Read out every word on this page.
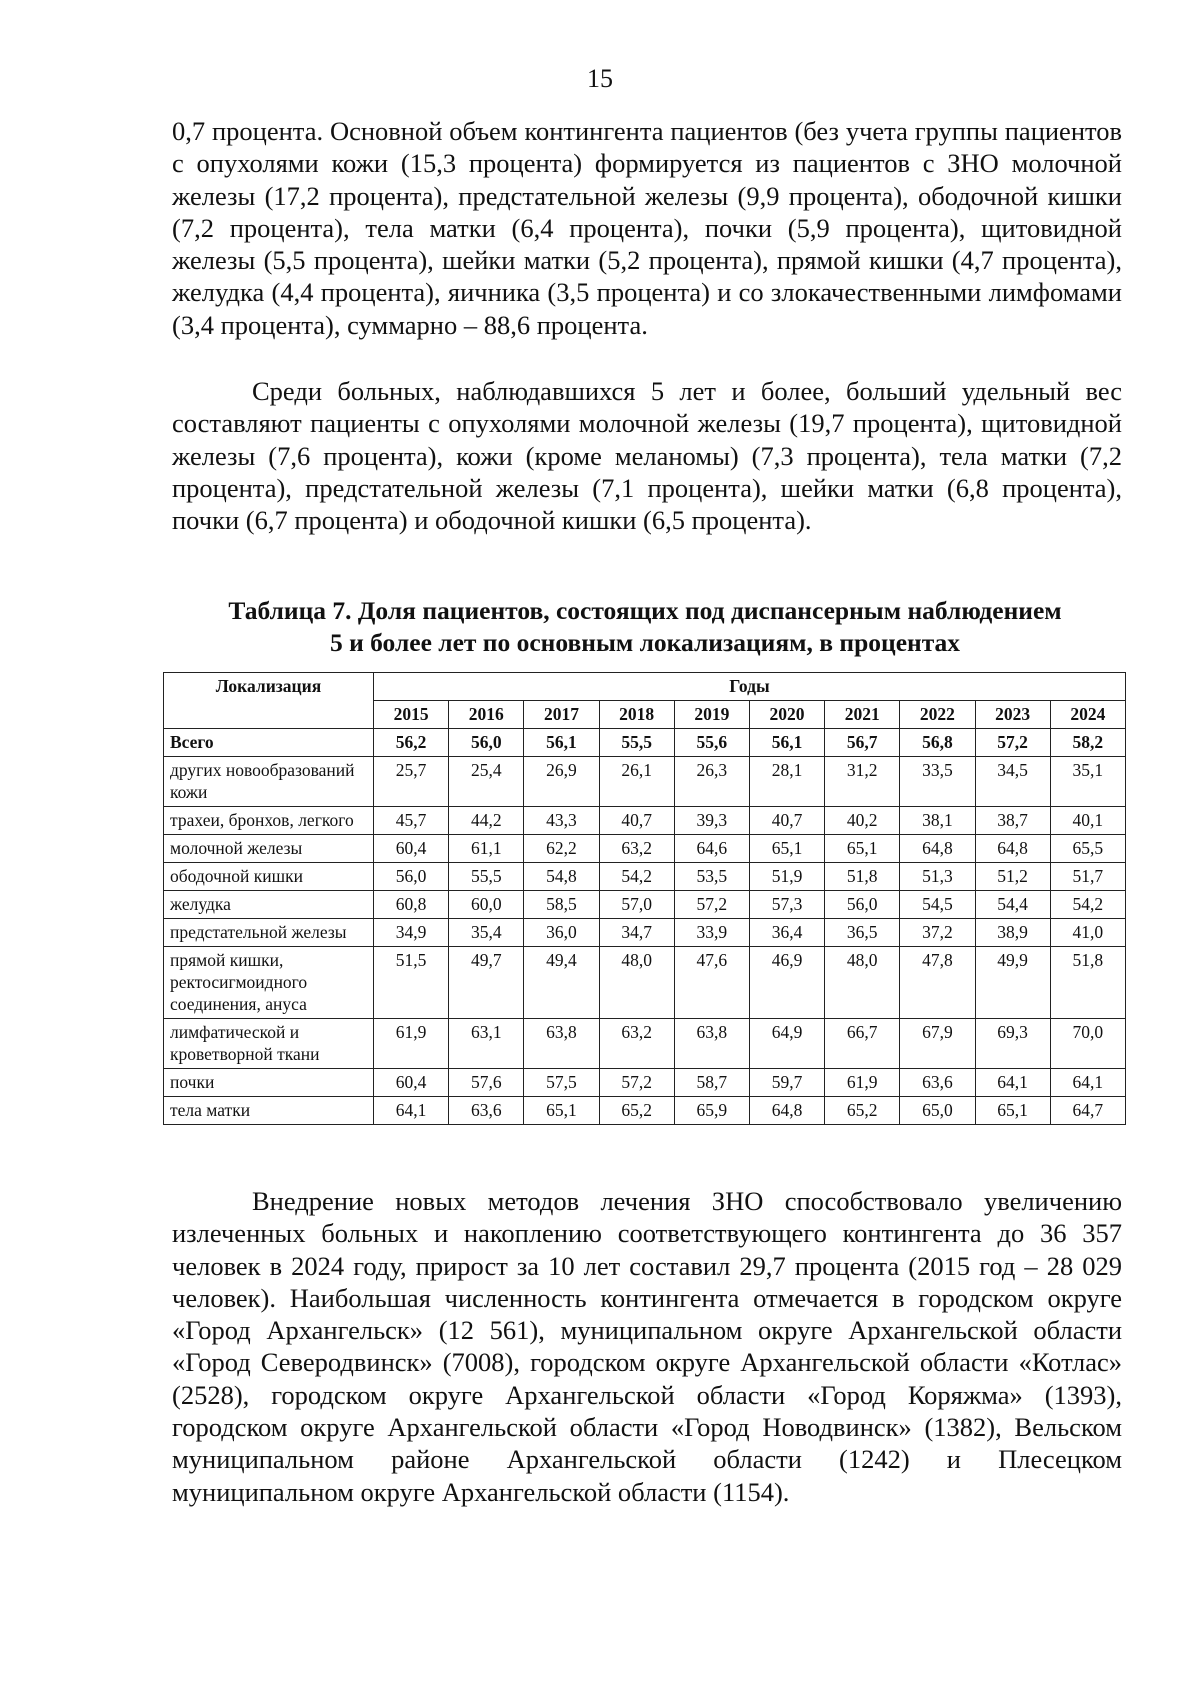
15

0,7 процента. Основной объем контингента пациентов (без учета группы пациентов с опухолями кожи (15,3 процента) формируется из пациентов с ЗНО молочной железы (17,2 процента), предстательной железы (9,9 процента), ободочной кишки (7,2 процента), тела матки (6,4 процента), почки (5,9 процента), щитовидной железы (5,5 процента), шейки матки (5,2 процента), прямой кишки (4,7 процента), желудка (4,4 процента), яичника (3,5 процента) и со злокачественными лимфомами (3,4 процента), суммарно – 88,6 процента.

Среди больных, наблюдавшихся 5 лет и более, больший удельный вес составляют пациенты с опухолями молочной железы (19,7 процента), щитовидной железы (7,6 процента), кожи (кроме меланомы) (7,3 процента), тела матки (7,2 процента), предстательной железы (7,1 процента), шейки матки (6,8 процента), почки (6,7 процента) и ободочной кишки (6,5 процента).

Таблица 7. Доля пациентов, состоящих под диспансерным наблюдением
5 и более лет по основным локализациям, в процентах
Локализация	Годы									
	2015	2016	2017	2018	2019	2020	2021	2022	2023	2024
Всего	56,2	56,0	56,1	55,5	55,6	56,1	56,7	56,8	57,2	58,2
других новообразований кожи	25,7	25,4	26,9	26,1	26,3	28,1	31,2	33,5	34,5	35,1
трахеи, бронхов, легкого	45,7	44,2	43,3	40,7	39,3	40,7	40,2	38,1	38,7	40,1
молочной железы	60,4	61,1	62,2	63,2	64,6	65,1	65,1	64,8	64,8	65,5
ободочной кишки	56,0	55,5	54,8	54,2	53,5	51,9	51,8	51,3	51,2	51,7
желудка	60,8	60,0	58,5	57,0	57,2	57,3	56,0	54,5	54,4	54,2
предстательной железы	34,9	35,4	36,0	34,7	33,9	36,4	36,5	37,2	38,9	41,0
прямой кишки, ректосигмоидного соединения, ануса	51,5	49,7	49,4	48,0	47,6	46,9	48,0	47,8	49,9	51,8
лимфатической и кроветворной ткани	61,9	63,1	63,8	63,2	63,8	64,9	66,7	67,9	69,3	70,0
почки	60,4	57,6	57,5	57,2	58,7	59,7	61,9	63,6	64,1	64,1
тела матки	64,1	63,6	65,1	65,2	65,9	64,8	65,2	65,0	65,1	64,7

Внедрение новых методов лечения ЗНО способствовало увеличению излеченных больных и накоплению соответствующего контингента до 36 357 человек в 2024 году, прирост за 10 лет составил 29,7 процента (2015 год – 28 029 человек). Наибольшая численность контингента отмечается в городском округе «Город Архангельск» (12 561), муниципальном округе Архангельской области «Город Северодвинск» (7008), городском округе Архангельской области «Котлас» (2528), городском округе Архангельской области «Город Коряжма» (1393), городском округе Архангельской области «Город Новодвинск» (1382), Вельском муниципальном районе Архангельской области (1242) и Плесецком муниципальном округе Архангельской области (1154).
